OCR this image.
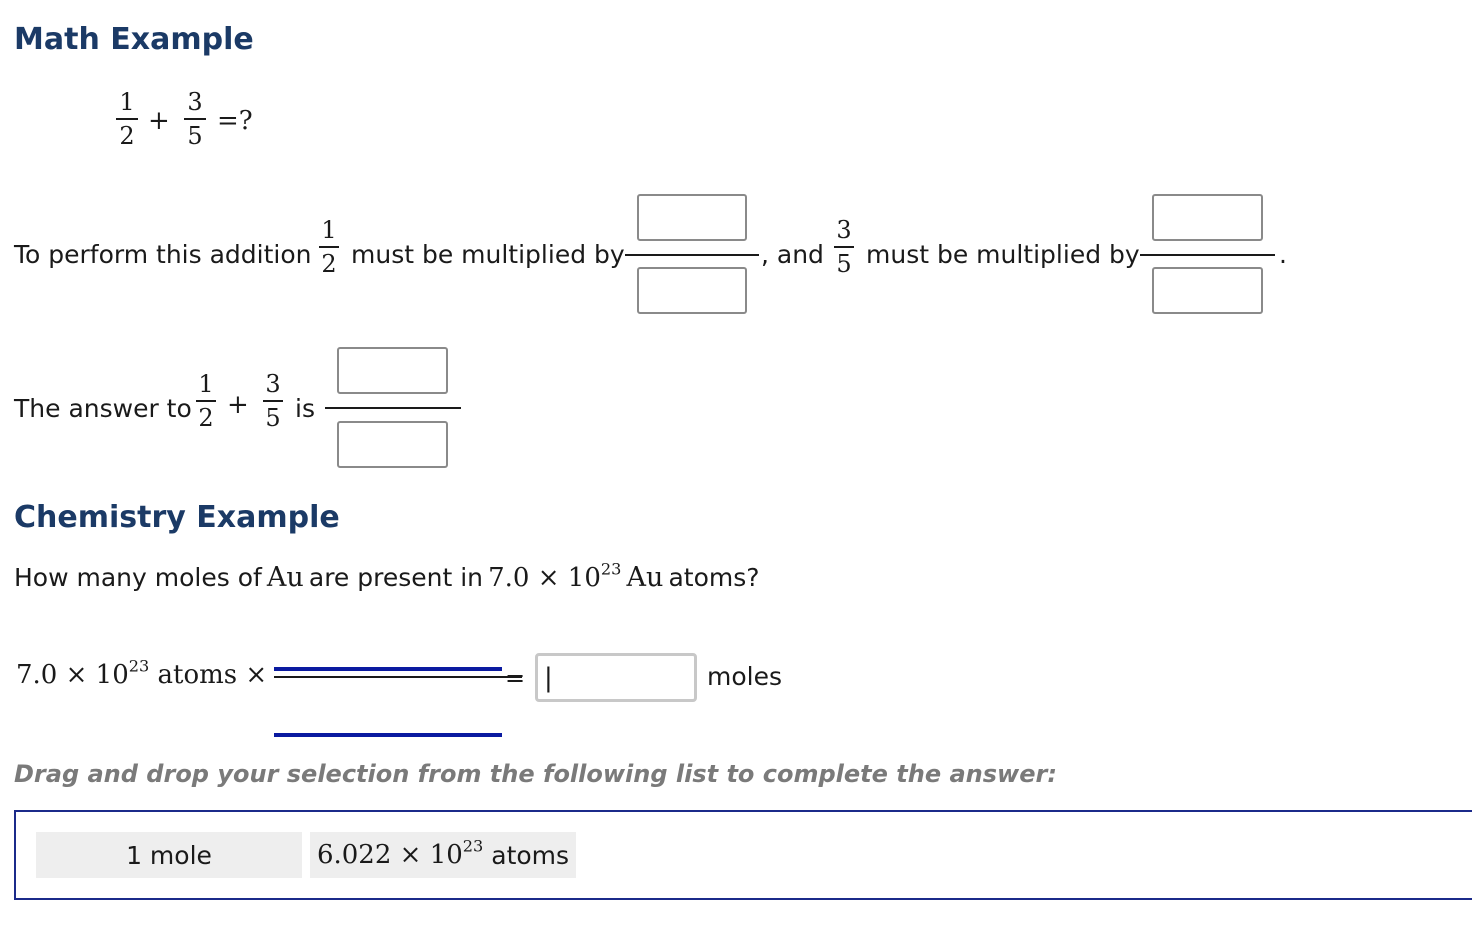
Math Example
1
2 +
3
5 =?
To perform this addition
1
2 must be multiplied by	, and
3
5 must be multiplied by	.
The answer to
1
2 +
3
5 is
Chemistry Example
How many moles of Au are present in $7.0 \times 10^{23}$ Au atoms?
$7.0 \times 10^{23}$ atoms ×	= |	moles
Drag and drop your selection from the following list to complete the answer:
1 mole	$6.022 \times 10^{23}$
atoms
